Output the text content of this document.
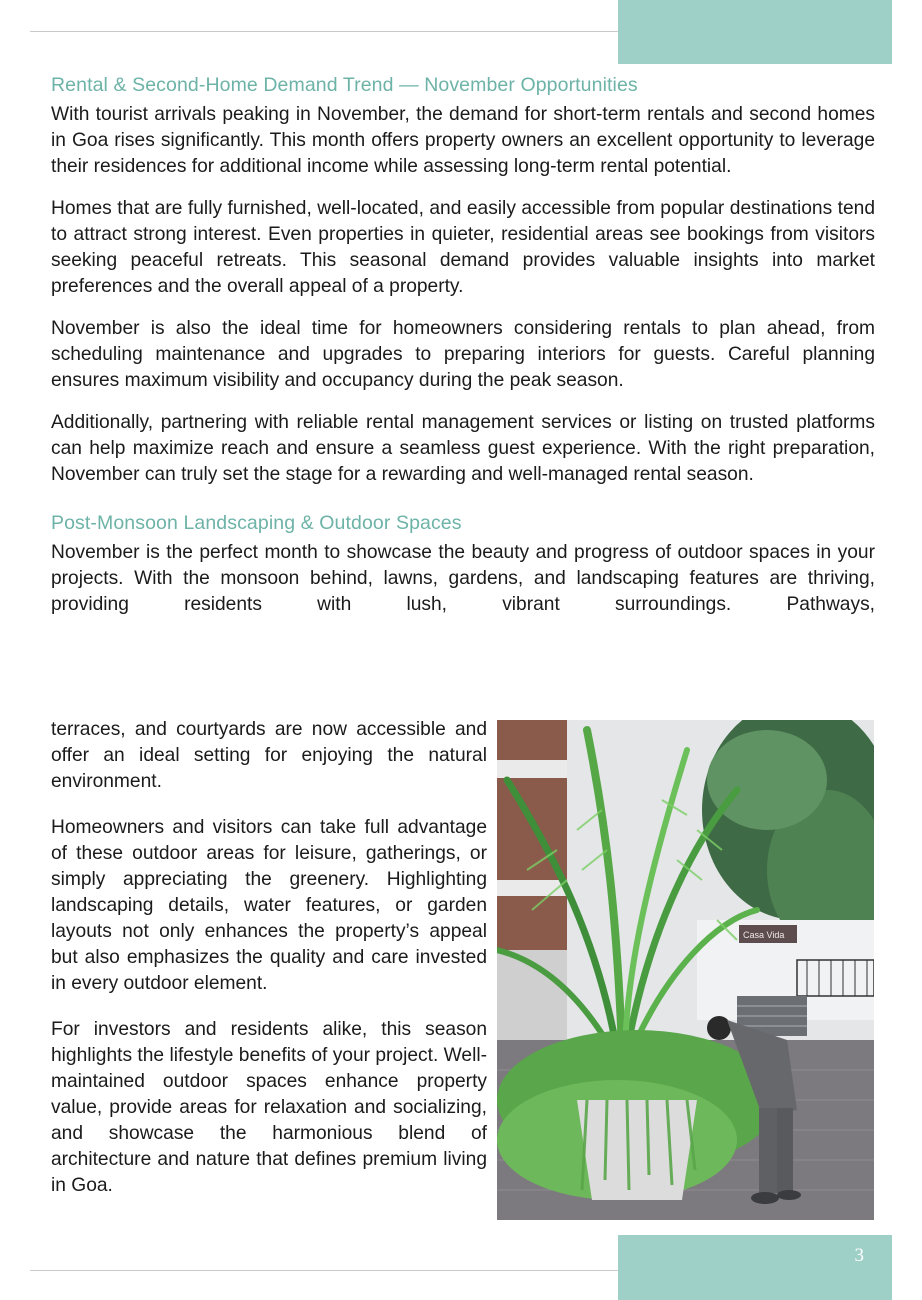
Rental & Second-Home Demand Trend — November Opportunities

With tourist arrivals peaking in November, the demand for short-term rentals and second homes in Goa rises significantly. This month offers property owners an excellent opportunity to leverage their residences for additional income while assessing long-term rental potential.

Homes that are fully furnished, well-located, and easily accessible from popular destinations tend to attract strong interest. Even properties in quieter, residential areas see bookings from visitors seeking peaceful retreats. This seasonal demand provides valuable insights into market preferences and the overall appeal of a property.

November is also the ideal time for homeowners considering rentals to plan ahead, from scheduling maintenance and upgrades to preparing interiors for guests. Careful planning ensures maximum visibility and occupancy during the peak season.

Additionally, partnering with reliable rental management services or listing on trusted platforms can help maximize reach and ensure a seamless guest experience. With the right preparation, November can truly set the stage for a rewarding and well-managed rental season.

Post-Monsoon Landscaping & Outdoor Spaces

November is the perfect month to showcase the beauty and progress of outdoor spaces in your projects. With the monsoon behind, lawns, gardens, and landscaping features are thriving, providing residents with lush, vibrant surroundings. Pathways,

terraces, and courtyards are now accessible and offer an ideal setting for enjoying the natural environment.

Homeowners and visitors can take full advantage of these outdoor areas for leisure, gatherings, or simply appreciating the greenery. Highlighting landscaping details, water features, or garden layouts not only enhances the property’s appeal but also emphasizes the quality and care invested in every outdoor element.

For investors and residents alike, this season highlights the lifestyle benefits of your project. Well-maintained outdoor spaces enhance property value, provide areas for relaxation and socializing, and showcase the harmonious blend of architecture and nature that defines premium living in Goa.

Casa Vida
3
